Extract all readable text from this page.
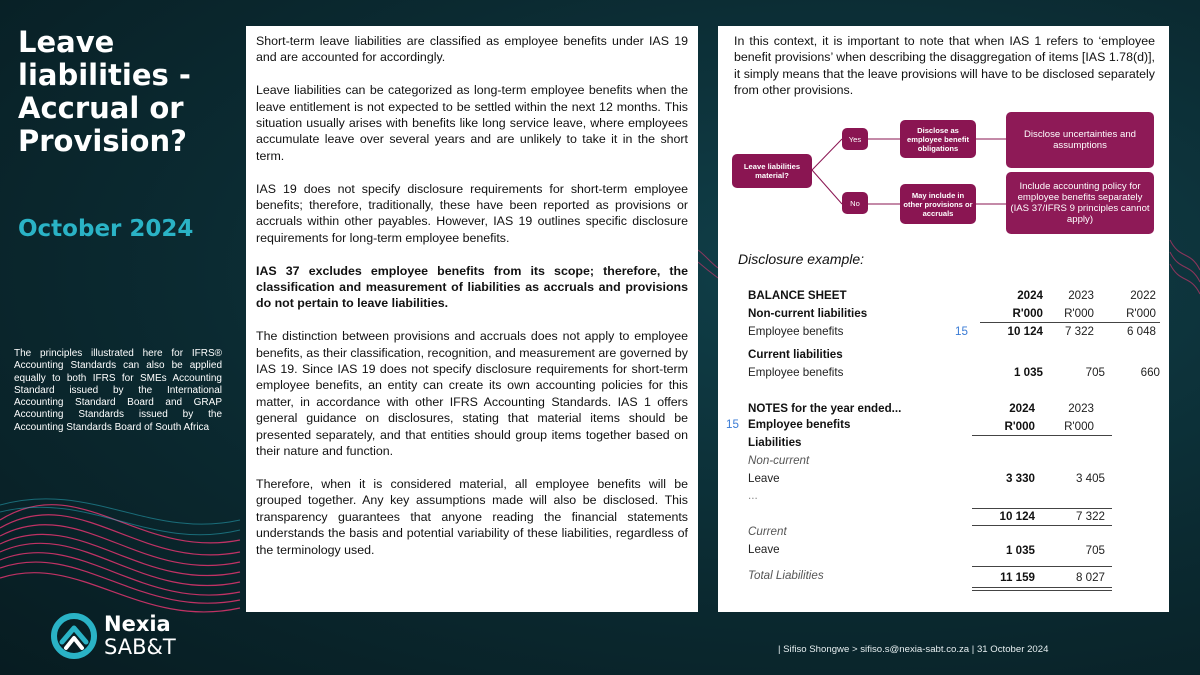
Leave liabilities - Accrual or Provision?
October 2024
The principles illustrated here for IFRS® Accounting Standards can also be applied equally to both IFRS for SMEs Accounting Standard issued by the International Accounting Standard Board and GRAP Accounting Standards issued by the Accounting Standards Board of South Africa
Nexia
SAB&T

Short-term leave liabilities are classified as employee benefits under IAS 19 and are accounted for accordingly.

Leave liabilities can be categorized as long-term employee benefits when the leave entitlement is not expected to be settled within the next 12 months. This situation usually arises with benefits like long service leave, where employees accumulate leave over several years and are unlikely to take it in the short term.

IAS 19 does not specify disclosure requirements for short-term employee benefits; therefore, traditionally, these have been reported as provisions or accruals within other payables. However, IAS 19 outlines specific disclosure requirements for long-term employee benefits.

IAS 37 excludes employee benefits from its scope; therefore, the classification and measurement of liabilities as accruals and provisions do not pertain to leave liabilities.

The distinction between provisions and accruals does not apply to employee benefits, as their classification, recognition, and measurement are governed by IAS 19. Since IAS 19 does not specify disclosure requirements for short-term employee benefits, an entity can create its own accounting policies for this matter, in accordance with other IFRS Accounting Standards. IAS 1 offers general guidance on disclosures, stating that material items should be presented separately, and that entities should group items together based on their nature and function.

Therefore, when it is considered material, all employee benefits will be grouped together. Any key assumptions made will also be disclosed. This transparency guarantees that anyone reading the financial statements understands the basis and potential variability of these liabilities, regardless of the terminology used.

In this context, it is important to note that when IAS 1 refers to ‘employee benefit provisions’ when describing the disaggregation of items [IAS 1.78(d)], it simply means that the leave provisions will have to be disclosed separately from other provisions.
Leave liabilities material?
Yes
No
Disclose as employee benefit obligations
May include in other provisions or accruals
Disclose uncertainties and assumptions
Include accounting policy for employee benefits separately (IAS 37/IFRS 9 principles cannot apply)
Disclosure example:
BALANCE SHEET	2024	2023	2022
Non-current liabilities	R'000	R'000	R'000
Employee benefits	15	10 124	7 322	6 048
Current liabilities
Employee benefits	1 035	705	660
NOTES for the year ended...	2024	2023
15 Employee benefits	R'000	R'000
Liabilities
Non-current
Leave	3 330	3 405
...
10 124	7 322
Current
Leave	1 035	705
Total Liabilities	11 159	8 027
| Sifiso Shongwe > sifiso.s@nexia-sabt.co.za | 31 October 2024
